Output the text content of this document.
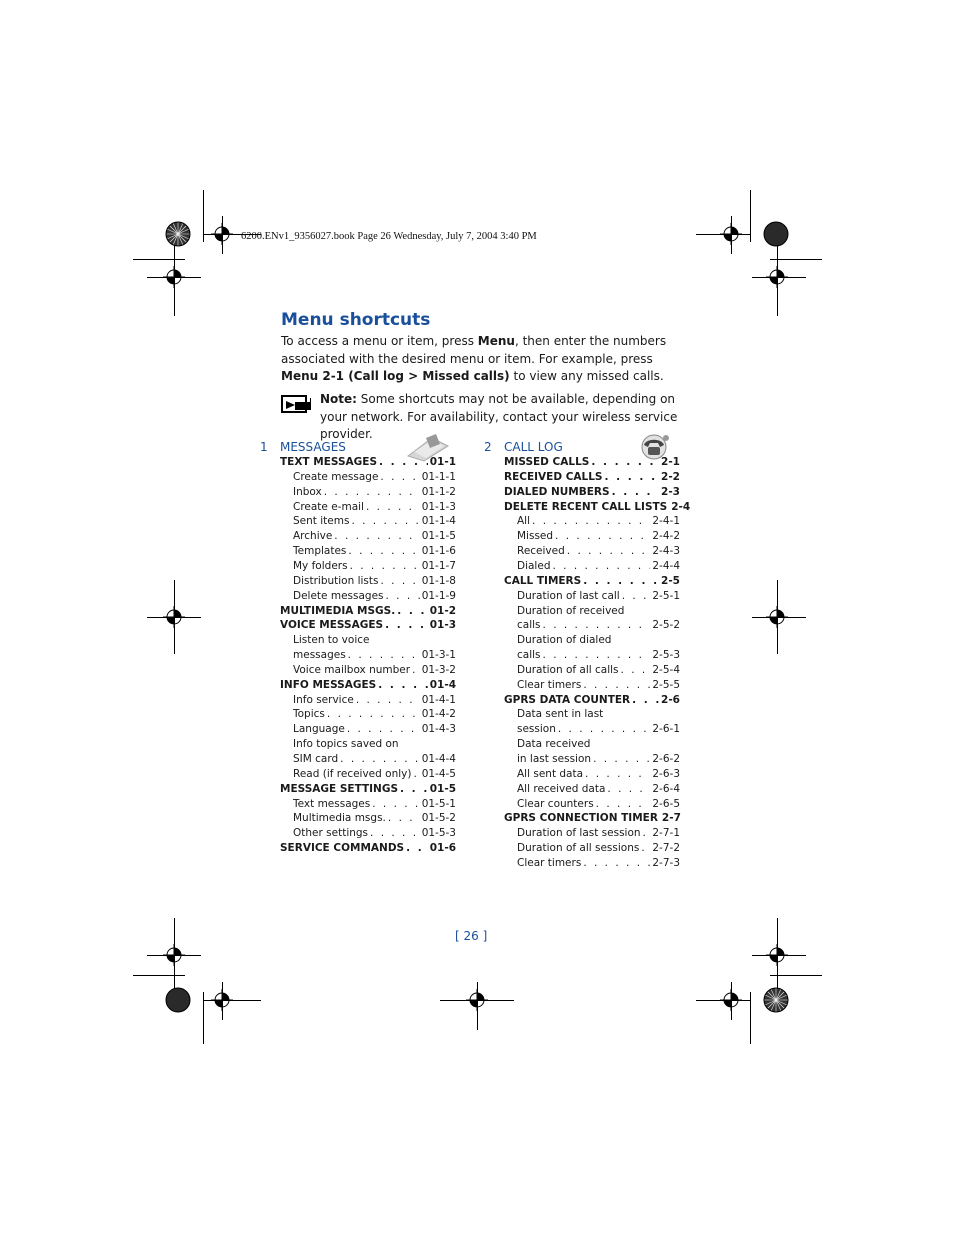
6200.ENv1_9356027.book Page 26 Wednesday, July 7, 2004 3:40 PM
Menu shortcuts
To access a menu or item, press Menu, then enter the numbers associated with the desired menu or item. For example, press Menu 2-1 (Call log > Missed calls) to view any missed calls.
Note: Some shortcuts may not be available, depending on your network. For availability, contact your wireless service provider.
1 MESSAGES	2 CALL LOG
TEXT MESSAGES . . .	01-1
Create message . . .	01-1-1
Inbox . . .	01-1-2
Create e-mail . . .	01-1-3
Sent items . . .	01-1-4
Archive . . .	01-1-5
Templates . . .	01-1-6
My folders . . .	01-1-7
Distribution lists . . .	01-1-8
Delete messages . . .	01-1-9
MULTIMEDIA MSGS. . . .	01-2
VOICE MESSAGES . . .	01-3
Listen to voice
messages . . .	01-3-1
Voice mailbox number . . . 01-3-2
INFO MESSAGES . . .	01-4
Info service . . .	01-4-1
Topics . . .	01-4-2
Language . . .	01-4-3
Info topics saved on
SIM card . . .	01-4-4
Read (if received only) . . . 01-4-5
MESSAGE SETTINGS . . .	01-5
Text messages . . .	01-5-1
Multimedia msgs. . . .	01-5-2
Other settings . . .	01-5-3
SERVICE COMMANDS . . . 01-6
MISSED CALLS . . .	2-1
RECEIVED CALLS . . .	2-2
DIALED NUMBERS . . .	2-3
DELETE RECENT CALL LISTS 2-4
All . . .	2-4-1
Missed . . .	2-4-2
Received . . .	2-4-3
Dialed . . .	2-4-4
CALL TIMERS . . .	2-5
Duration of last call . . .	2-5-1
Duration of received
calls . . .	2-5-2
Duration of dialed
calls . . .	2-5-3
Duration of all calls . . .	2-5-4
Clear timers . . .	2-5-5
GPRS DATA COUNTER . . .	2-6
Data sent in last
session . . .	2-6-1
Data received
in last session . . .	2-6-2
All sent data . . .	2-6-3
All received data . . .	2-6-4
Clear counters . . .	2-6-5
GPRS CONNECTION TIMER 2-7
Duration of last session . . . 2-7-1
Duration of all sessions . . . 2-7-2
Clear timers . . .	2-7-3
[ 26 ]
